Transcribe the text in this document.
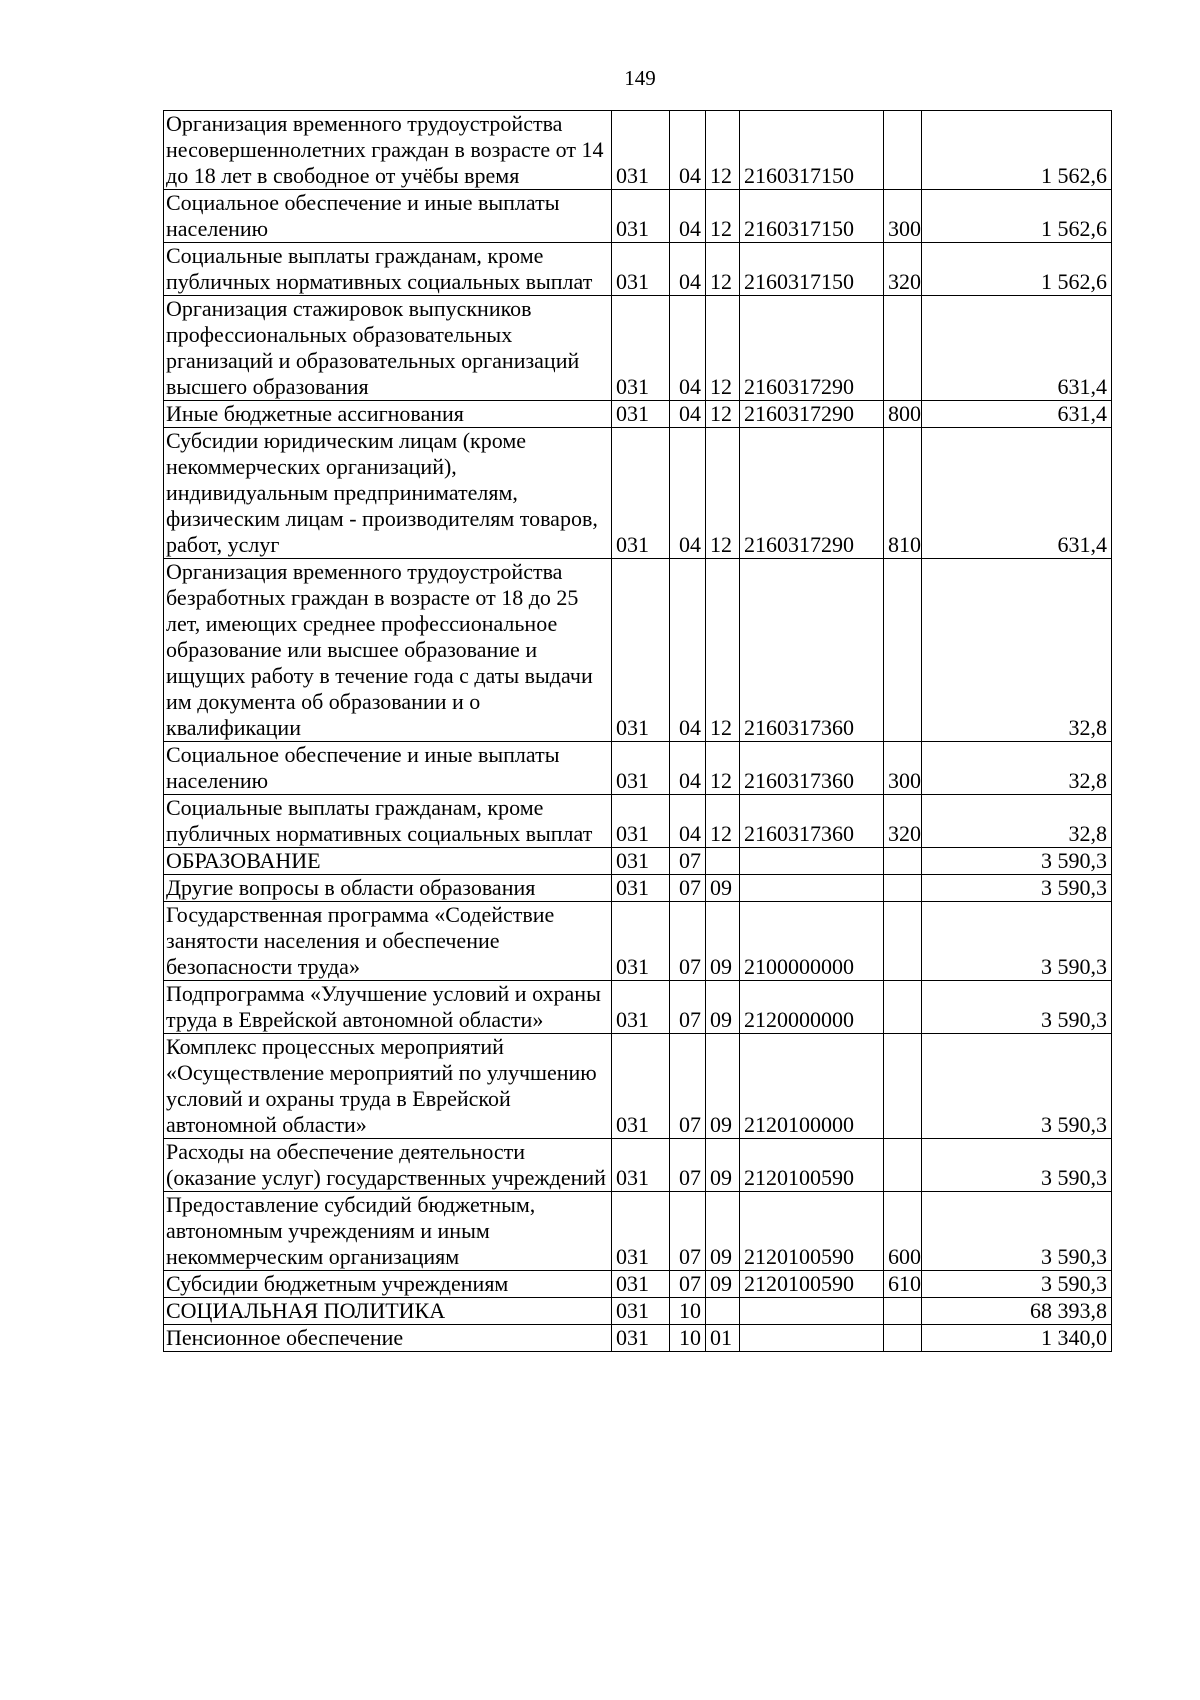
149
Организация временного трудоустройства несовершеннолетних граждан в возрасте от 14 до 18 лет в свободное от учёбы время	031	04	12	2160317150		1 562,6
Социальное обеспечение и иные выплаты населению	031	04	12	2160317150	300	1 562,6
Социальные выплаты гражданам, кроме публичных нормативных социальных выплат	031	04	12	2160317150	320	1 562,6
Организация стажировок выпускников профессиональных образовательных рганизаций и образовательных организаций высшего образования	031	04	12	2160317290		631,4
Иные бюджетные ассигнования	031	04	12	2160317290	800	631,4
Субсидии юридическим лицам (кроме некоммерческих организаций), индивидуальным предпринимателям, физическим лицам - производителям товаров, работ, услуг	031	04	12	2160317290	810	631,4
Организация временного трудоустройства безработных граждан в возрасте от 18 до 25 лет, имеющих среднее профессиональное образование или высшее образование и ищущих работу в течение года с даты выдачи им документа об образовании и о квалификации	031	04	12	2160317360		32,8
Социальное обеспечение и иные выплаты населению	031	04	12	2160317360	300	32,8
Социальные выплаты гражданам, кроме публичных нормативных социальных выплат	031	04	12	2160317360	320	32,8
ОБРАЗОВАНИЕ	031	07				3 590,3
Другие вопросы в области образования	031	07	09			3 590,3
Государственная программа «Содействие занятости населения и обеспечение безопасности труда»	031	07	09	2100000000		3 590,3
Подпрограмма «Улучшение условий и охраны труда в Еврейской автономной области»	031	07	09	2120000000		3 590,3
Комплекс процессных мероприятий «Осуществление мероприятий по улучшению условий и охраны труда в Еврейской автономной области»	031	07	09	2120100000		3 590,3
Расходы на обеспечение деятельности (оказание услуг) государственных учреждений	031	07	09	2120100590		3 590,3
Предоставление субсидий бюджетным, автономным учреждениям и иным некоммерческим организациям	031	07	09	2120100590	600	3 590,3
Субсидии бюджетным учреждениям	031	07	09	2120100590	610	3 590,3
СОЦИАЛЬНАЯ ПОЛИТИКА	031	10				68 393,8
Пенсионное обеспечение	031	10	01			1 340,0
